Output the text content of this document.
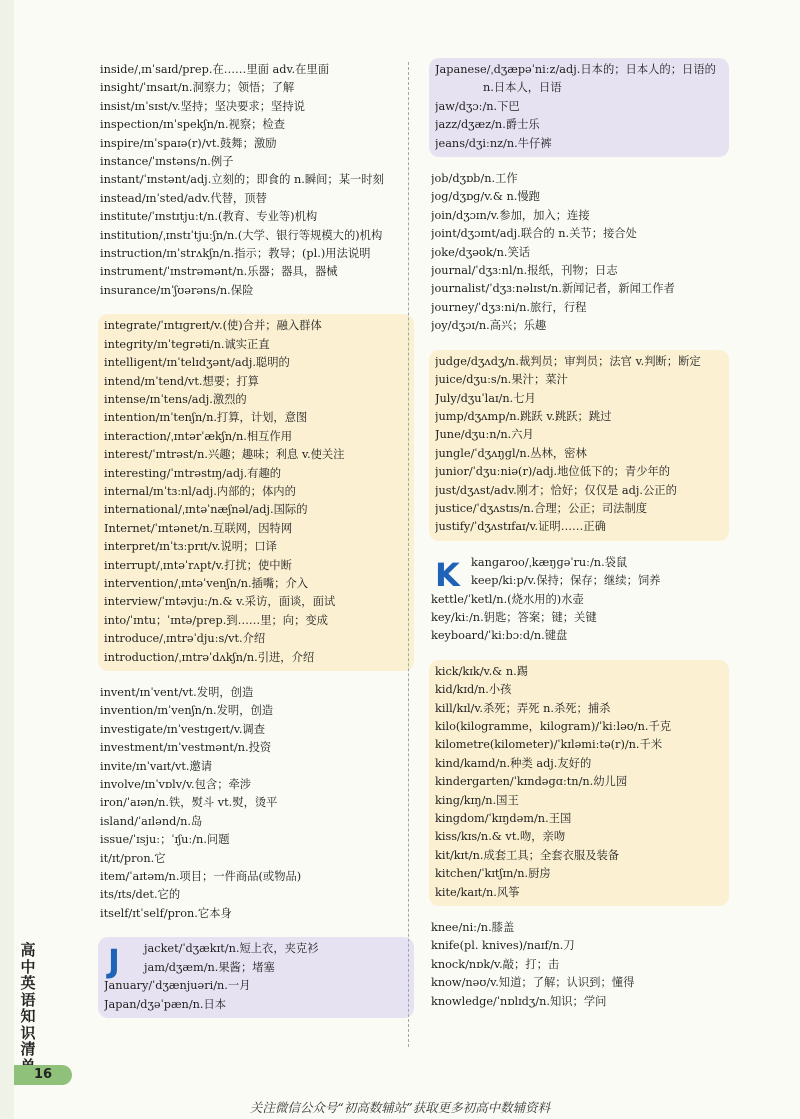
inside/ˌɪnˈsaɪd/prep.在……里面 adv.在里面
insight/ˈɪnsaɪt/n.洞察力；领悟；了解
insist/ɪnˈsɪst/v.坚持；坚决要求；坚持说
inspection/ɪnˈspekʃn/n.视察；检查
inspire/ɪnˈspaɪə(r)/vt.鼓舞；激励
instance/ˈɪnstəns/n.例子
instant/ˈɪnstənt/adj.立刻的；即食的 n.瞬间；某一时刻
instead/ɪnˈsted/adv.代替，顶替
institute/ˈɪnstɪtjuːt/n.(教育、专业等)机构
institution/ˌɪnstɪˈtjuːʃn/n.(大学、银行等规模大的)机构
instruction/ɪnˈstrʌkʃn/n.指示；教导；(pl.)用法说明
instrument/ˈɪnstrəmənt/n.乐器；器具，器械
insurance/ɪnˈʃʊərəns/n.保险
integrate/ˈɪntɪɡreɪt/v.(使)合并；融入群体
integrity/ɪnˈteɡrəti/n.诚实正直
intelligent/ɪnˈtelɪdʒənt/adj.聪明的
intend/ɪnˈtend/vt.想要；打算
intense/ɪnˈtens/adj.激烈的
intention/ɪnˈtenʃn/n.打算，计划，意图
interaction/ˌɪntərˈækʃn/n.相互作用
interest/ˈɪntrəst/n.兴趣；趣味；利息 v.使关注
interesting/ˈɪntrəstɪŋ/adj.有趣的
internal/ɪnˈtɜːnl/adj.内部的；体内的
international/ˌɪntəˈnæʃnəl/adj.国际的
Internet/ˈɪntənet/n.互联网，因特网
interpret/ɪnˈtɜːprɪt/v.说明；口译
interrupt/ˌɪntəˈrʌpt/v.打扰；使中断
intervention/ˌɪntəˈvenʃn/n.插嘴；介入
interview/ˈɪntəvjuː/n.& v.采访，面谈，面试
into/ˈɪntu；ˈɪntə/prep.到……里；向；变成
introduce/ˌɪntrəˈdjuːs/vt.介绍
introduction/ˌɪntrəˈdʌkʃn/n.引进，介绍
invent/ɪnˈvent/vt.发明，创造
invention/ɪnˈvenʃn/n.发明，创造
investigate/ɪnˈvestɪɡeɪt/v.调查
investment/ɪnˈvestmənt/n.投资
invite/ɪnˈvaɪt/vt.邀请
involve/ɪnˈvɒlv/v.包含；牵涉
iron/ˈaɪən/n.铁，熨斗 vt.熨，烫平
island/ˈaɪlənd/n.岛
issue/ˈɪsjuː；ˈɪʃuː/n.问题
it/ɪt/pron.它
item/ˈaɪtəm/n.项目；一件商品(或物品)
its/ɪts/det.它的
itself/ɪtˈself/pron.它本身
J	jacket/ˈdʒækɪt/n.短上衣，夹克衫
jam/dʒæm/n.果酱；堵塞
January/ˈdʒænjuəri/n.一月
Japan/dʒəˈpæn/n.日本
Japanese/ˌdʒæpəˈniːz/adj.日本的；日本人的；日语的
n.日本人，日语
jaw/dʒɔː/n.下巴
jazz/dʒæz/n.爵士乐
jeans/dʒiːnz/n.牛仔裤
job/dʒɒb/n.工作
jog/dʒɒɡ/v.& n.慢跑
join/dʒɔɪn/v.参加，加入；连接
joint/dʒɔɪnt/adj.联合的 n.关节；接合处
joke/dʒəʊk/n.笑话
journal/ˈdʒɜːnl/n.报纸，刊物；日志
journalist/ˈdʒɜːnəlɪst/n.新闻记者，新闻工作者
journey/ˈdʒɜːni/n.旅行，行程
joy/dʒɔɪ/n.高兴；乐趣
judge/dʒʌdʒ/n.裁判员；审判员；法官 v.判断；断定
juice/dʒuːs/n.果汁；菜汁
July/dʒuˈlaɪ/n.七月
jump/dʒʌmp/n.跳跃 v.跳跃；跳过
June/dʒuːn/n.六月
jungle/ˈdʒʌŋɡl/n.丛林，密林
junior/ˈdʒuːniə(r)/adj.地位低下的；青少年的
just/dʒʌst/adv.刚才；恰好；仅仅是 adj.公正的
justice/ˈdʒʌstɪs/n.合理；公正；司法制度
justify/ˈdʒʌstɪfaɪ/v.证明……正确
K kangaroo/ˌkæŋɡəˈruː/n.袋鼠
keep/kiːp/v.保持；保存；继续；饲养
kettle/ˈketl/n.(烧水用的)水壶
key/kiː/n.钥匙；答案；键；关键
keyboard/ˈkiːbɔːd/n.键盘
kick/kɪk/v.& n.踢
kid/kɪd/n.小孩
kill/kɪl/v.杀死；弄死 n.杀死；捕杀
kilo(kilogramme，kilogram)/ˈkiːləʊ/n.千克
kilometre(kilometer)/ˈkɪləmiːtə(r)/n.千米
kind/kaɪnd/n.种类 adj.友好的
kindergarten/ˈkɪndəɡɑːtn/n.幼儿园
king/kɪŋ/n.国王
kingdom/ˈkɪŋdəm/n.王国
kiss/kɪs/n.& vt.吻，亲吻
kit/kɪt/n.成套工具；全套衣服及装备
kitchen/ˈkɪtʃɪn/n.厨房
kite/kaɪt/n.风筝
knee/niː/n.膝盖
knife(pl. knives)/naɪf/n.刀
knock/nɒk/v.敲；打；击
know/nəʊ/v.知道；了解；认识到；懂得
knowledge/ˈnɒlɪdʒ/n.知识；学问
高
中
英
语
知
识
清
16
关注微信公众号“初高数辅站”获取更多初高中数辅资料
